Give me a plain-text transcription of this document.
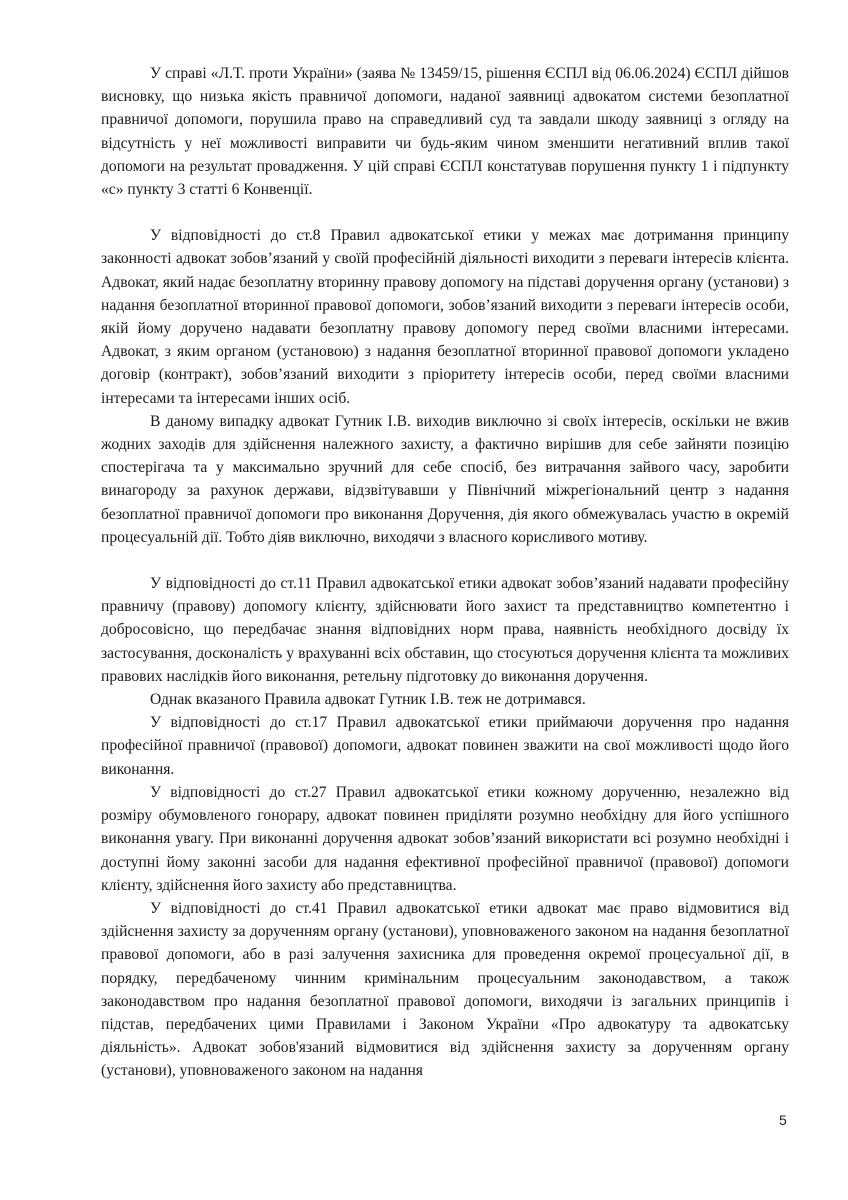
У справі «Л.Т. проти України» (заява № 13459/15, рішення ЄСПЛ від 06.06.2024) ЄСПЛ дійшов висновку, що низька якість правничої допомоги, наданої заявниці адвокатом системи безоплатної правничої допомоги, порушила право на справедливий суд та завдали шкоду заявниці з огляду на відсутність у неї можливості виправити чи будь-яким чином зменшити негативний вплив такої допомоги на результат провадження. У цій справі ЄСПЛ констатував порушення пункту 1 і підпункту «с» пункту 3 статті 6 Конвенції.

У відповідності до ст.8 Правил адвокатської етики у межах має дотримання принципу законності адвокат зобов’язаний у своїй професійній діяльності виходити з переваги інтересів клієнта. Адвокат, який надає безоплатну вторинну правову допомогу на підставі доручення органу (установи) з надання безоплатної вторинної правової допомоги, зобов’язаний виходити з переваги інтересів особи, якій йому доручено надавати безоплатну правову допомогу перед своїми власними інтересами. Адвокат, з яким органом (установою) з надання безоплатної вторинної правової допомоги укладено договір (контракт), зобов’язаний виходити з пріоритету інтересів особи, перед своїми власними інтересами та інтересами інших осіб.

В даному випадку адвокат Гутник І.В. виходив виключно зі своїх інтересів, оскільки не вжив жодних заходів для здійснення належного захисту, а фактично вирішив для себе зайняти позицію спостерігача та у максимально зручний для себе спосіб, без витрачання зайвого часу, заробити винагороду за рахунок держави, відзвітувавши у Північний міжрегіональний центр з надання безоплатної правничої допомоги про виконання Доручення, дія якого обмежувалась участю в окремій процесуальній дії. Тобто діяв виключно, виходячи з власного корисливого мотиву.

У відповідності до ст.11 Правил адвокатської етики адвокат зобов’язаний надавати професійну правничу (правову) допомогу клієнту, здійснювати його захист та представництво компетентно і добросовісно, що передбачає знання відповідних норм права, наявність необхідного досвіду їх застосування, досконалість у врахуванні всіх обставин, що стосуються доручення клієнта та можливих правових наслідків його виконання, ретельну підготовку до виконання доручення.

Однак вказаного Правила адвокат Гутник І.В. теж не дотримався.

У відповідності до ст.17 Правил адвокатської етики приймаючи доручення про надання професійної правничої (правової) допомоги, адвокат повинен зважити на свої можливості щодо його виконання.

У відповідності до ст.27 Правил адвокатської етики кожному дорученню, незалежно від розміру обумовленого гонорару, адвокат повинен приділяти розумно необхідну для його успішного виконання увагу. При виконанні доручення адвокат зобов’язаний використати всі розумно необхідні і доступні йому законні засоби для надання ефективної професійної правничої (правової) допомоги клієнту, здійснення його захисту або представництва.

У відповідності до ст.41 Правил адвокатської етики адвокат має право відмовитися від здійснення захисту за дорученням органу (установи), уповноваженого законом на надання безоплатної правової допомоги, або в разі залучення захисника для проведення окремої процесуальної дії, в порядку, передбаченому чинним кримінальним процесуальним законодавством, а також законодавством про надання безоплатної правової допомоги, виходячи із загальних принципів і підстав, передбачених цими Правилами і Законом України «Про адвокатуру та адвокатську діяльність». Адвокат зобов'язаний відмовитися від здійснення захисту за дорученням органу (установи), уповноваженого законом на надання

5
